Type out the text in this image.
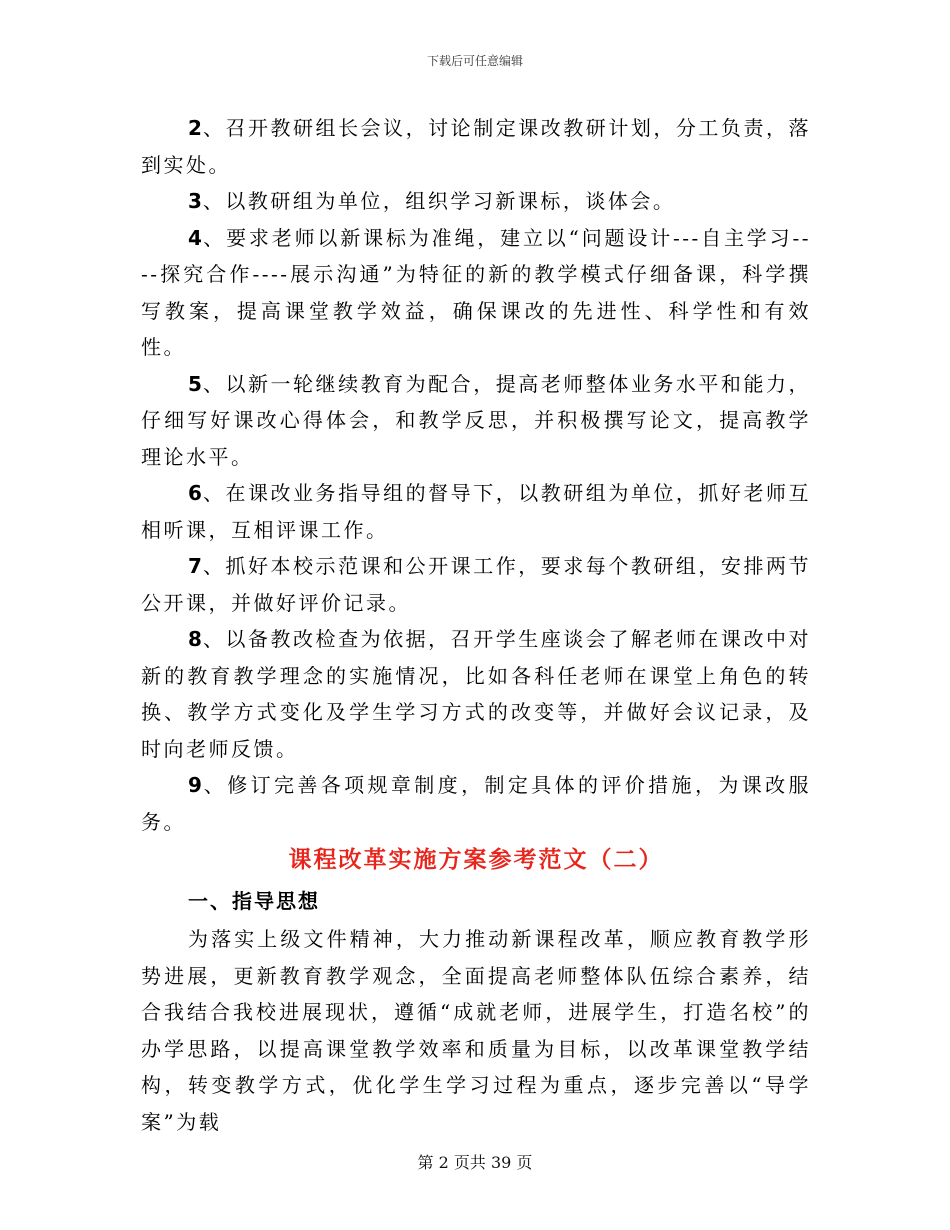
下载后可任意编辑

2、召开教研组长会议，讨论制定课改教研计划，分工负责，落到实处。

3、以教研组为单位，组织学习新课标，谈体会。

4、要求老师以新课标为准绳，建立以“问题设计---自主学习----探究合作----展示沟通”为特征的新的教学模式仔细备课，科学撰写教案，提高课堂教学效益，确保课改的先进性、科学性和有效性。

5、以新一轮继续教育为配合，提高老师整体业务水平和能力，仔细写好课改心得体会，和教学反思，并积极撰写论文，提高教学理论水平。

6、在课改业务指导组的督导下，以教研组为单位，抓好老师互相听课，互相评课工作。

7、抓好本校示范课和公开课工作，要求每个教研组，安排两节公开课，并做好评价记录。

8、以备教改检查为依据，召开学生座谈会了解老师在课改中对新的教育教学理念的实施情况，比如各科任老师在课堂上角色的转换、教学方式变化及学生学习方式的改变等，并做好会议记录，及时向老师反馈。

9、修订完善各项规章制度，制定具体的评价措施，为课改服务。

课程改革实施方案参考范文（二）
一、指导思想

为落实上级文件精神，大力推动新课程改革，顺应教育教学形势进展，更新教育教学观念，全面提高老师整体队伍综合素养，结合我结合我校进展现状，遵循“成就老师，进展学生，打造名校”的办学思路，以提高课堂教学效率和质量为目标，以改革课堂教学结构，转变教学方式，优化学生学习过程为重点，逐步完善以“导学案”为载

第 2 页共 39 页
